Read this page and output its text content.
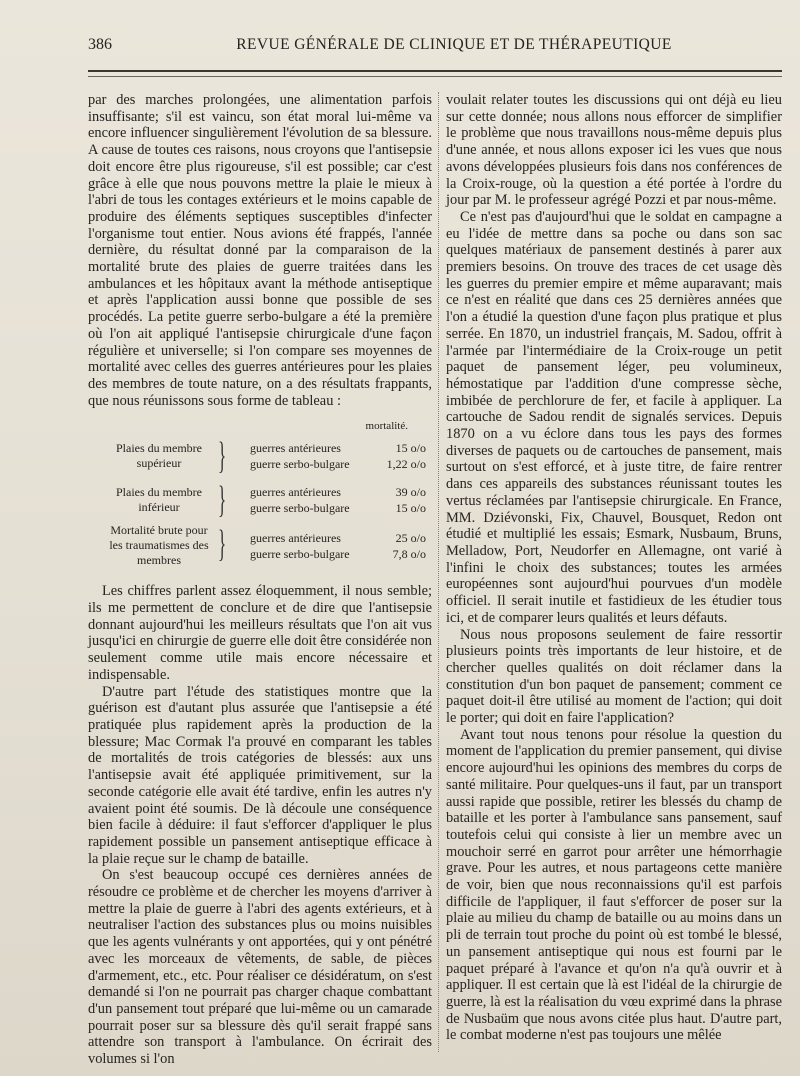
386	REVUE GÉNÉRALE DE CLINIQUE ET DE THÉRAPEUTIQUE

par des marches prolongées, une alimentation parfois insuffisante; s'il est vaincu, son état moral lui-même va encore influencer singulièrement l'évolution de sa blessure. A cause de toutes ces raisons, nous croyons que l'antisepsie doit encore être plus rigoureuse, s'il est possible; car c'est grâce à elle que nous pouvons mettre la plaie le mieux à l'abri de tous les contages extérieurs et le moins capable de produire des éléments septiques susceptibles d'infecter l'organisme tout entier. Nous avions été frappés, l'année dernière, du résultat donné par la comparaison de la mortalité brute des plaies de guerre traitées dans les ambulances et les hôpitaux avant la méthode antiseptique et après l'application aussi bonne que possible de ses procédés. La petite guerre serbo-bulgare a été la première où l'on ait appliqué l'antisepsie chirurgicale d'une façon régulière et universelle; si l'on compare ses moyennes de mortalité avec celles des guerres antérieures pour les plaies des membres de toute nature, on a des résultats frappants, que nous réunissons sous forme de tableau :

mortalité.
Plaies du membre supérieur } guerres antérieures	15 o/o
guerre serbo-bulgare	1,22 o/o
Plaies du membre inférieur	} guerres antérieures	39 o/o
guerre serbo-bulgare	15 o/o
Mortalité brute pour les traumatismes des membres } guerres antérieures	25 o/o
guerre serbo-bulgare	7,8 o/o

Les chiffres parlent assez éloquemment, il nous semble; ils me permettent de conclure et de dire que l'antisepsie donnant aujourd'hui les meilleurs résultats que l'on ait vus jusqu'ici en chirurgie de guerre elle doit être considérée non seulement comme utile mais encore nécessaire et indispensable.

D'autre part l'étude des statistiques montre que la guérison est d'autant plus assurée que l'antisepsie a été pratiquée plus rapidement après la production de la blessure; Mac Cormak l'a prouvé en comparant les tables de mortalités de trois catégories de blessés: aux uns l'antisepsie avait été appliquée primitivement, sur la seconde catégorie elle avait été tardive, enfin les autres n'y avaient point été soumis. De là découle une conséquence bien facile à déduire: il faut s'efforcer d'appliquer le plus rapidement possible un pansement antiseptique efficace à la plaie reçue sur le champ de bataille.

On s'est beaucoup occupé ces dernières années de résoudre ce problème et de chercher les moyens d'arriver à mettre la plaie de guerre à l'abri des agents extérieurs, et à neutraliser l'action des substances plus ou moins nuisibles que les agents vulnérants y ont apportées, qui y ont pénétré avec les morceaux de vêtements, de sable, de pièces d'armement, etc., etc. Pour réaliser ce désidératum, on s'est demandé si l'on ne pourrait pas charger chaque combattant d'un pansement tout préparé que lui-même ou un camarade pourrait poser sur sa blessure dès qu'il serait frappé sans attendre son transport à l'ambulance. On écrirait des volumes si l'on

voulait relater toutes les discussions qui ont déjà eu lieu sur cette donnée; nous allons nous efforcer de simplifier le problème que nous travaillons nous-même depuis plus d'une année, et nous allons exposer ici les vues que nous avons développées plusieurs fois dans nos conférences de la Croix-rouge, où la question a été portée à l'ordre du jour par M. le professeur agrégé Pozzi et par nous-même.

Ce n'est pas d'aujourd'hui que le soldat en campagne a eu l'idée de mettre dans sa poche ou dans son sac quelques matériaux de pansement destinés à parer aux premiers besoins. On trouve des traces de cet usage dès les guerres du premier empire et même auparavant; mais ce n'est en réalité que dans ces 25 dernières années que l'on a étudié la question d'une façon plus pratique et plus serrée. En 1870, un industriel français, M. Sadou, offrit à l'armée par l'intermédiaire de la Croix-rouge un petit paquet de pansement léger, peu volumineux, hémostatique par l'addition d'une compresse sèche, imbibée de perchlorure de fer, et facile à appliquer. La cartouche de Sadou rendit de signalés services. Depuis 1870 on a vu éclore dans tous les pays des formes diverses de paquets ou de cartouches de pansement, mais surtout on s'est efforcé, et à juste titre, de faire rentrer dans ces appareils des substances réunissant toutes les vertus réclamées par l'antisepsie chirurgicale. En France, MM. Dziévonski, Fix, Chauvel, Bousquet, Redon ont étudié et multiplié les essais; Esmark, Nusbaum, Bruns, Melladow, Port, Neudorfer en Allemagne, ont varié à l'infini le choix des substances; toutes les armées européennes sont aujourd'hui pourvues d'un modèle officiel. Il serait inutile et fastidieux de les étudier tous ici, et de comparer leurs qualités et leurs défauts.

Nous nous proposons seulement de faire ressortir plusieurs points très importants de leur histoire, et de chercher quelles qualités on doit réclamer dans la constitution d'un bon paquet de pansement; comment ce paquet doit-il être utilisé au moment de l'action; qui doit le porter; qui doit en faire l'application?

Avant tout nous tenons pour résolue la question du moment de l'application du premier pansement, qui divise encore aujourd'hui les opinions des membres du corps de santé militaire. Pour quelques-uns il faut, par un transport aussi rapide que possible, retirer les blessés du champ de bataille et les porter à l'ambulance sans pansement, sauf toutefois celui qui consiste à lier un membre avec un mouchoir serré en garrot pour arrêter une hémorrhagie grave. Pour les autres, et nous partageons cette manière de voir, bien que nous reconnaissions qu'il est parfois difficile de l'appliquer, il faut s'efforcer de poser sur la plaie au milieu du champ de bataille ou au moins dans un pli de terrain tout proche du point où est tombé le blessé, un pansement antiseptique qui nous est fourni par le paquet préparé à l'avance et qu'on n'a qu'à ouvrir et à appliquer. Il est certain que là est l'idéal de la chirurgie de guerre, là est la réalisation du vœu exprimé dans la phrase de Nusbaüm que nous avons citée plus haut. D'autre part, le combat moderne n'est pas toujours une mêlée
